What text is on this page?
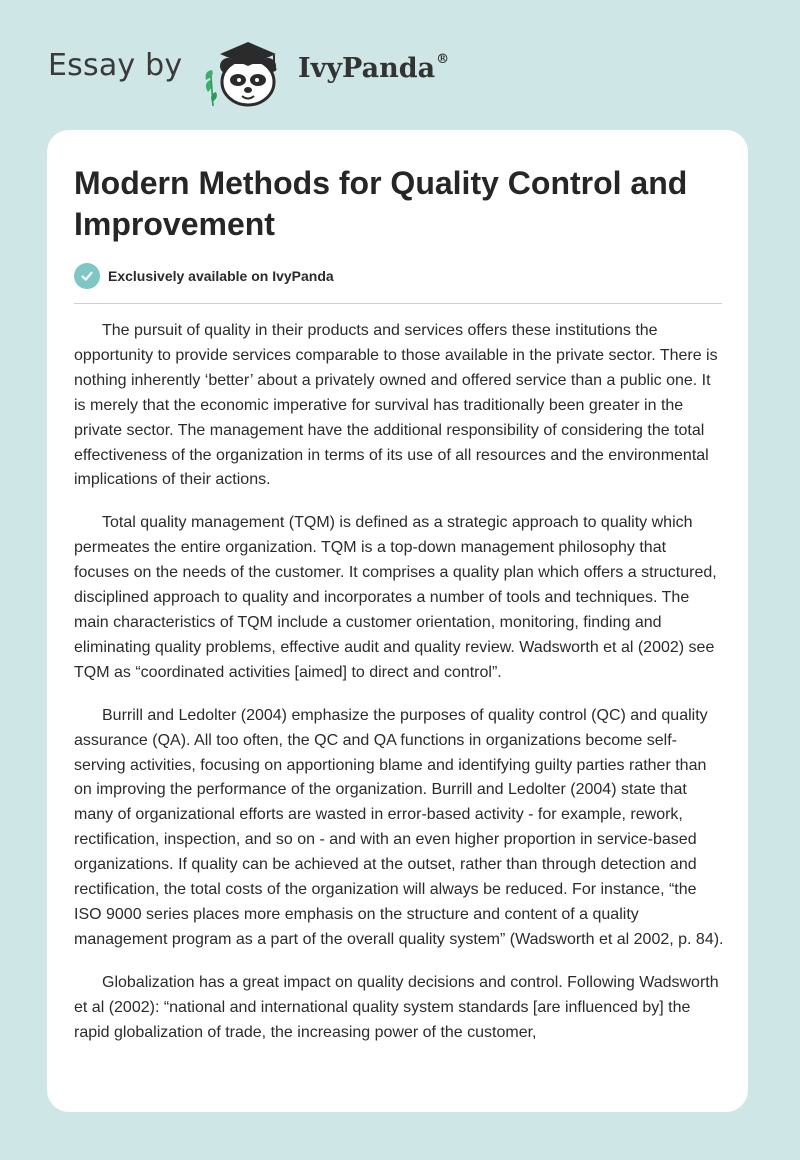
Essay by	IvyPanda®
Modern Methods for Quality Control and Improvement
Exclusively available on IvyPanda

The pursuit of quality in their products and services offers these institutions the opportunity to provide services comparable to those available in the private sector. There is nothing inherently ‘better’ about a privately owned and offered service than a public one. It is merely that the economic imperative for survival has traditionally been greater in the private sector. The management have the additional responsibility of considering the total effectiveness of the organization in terms of its use of all resources and the environmental implications of their actions.

Total quality management (TQM) is defined as a strategic approach to quality which permeates the entire organization. TQM is a top-down management philosophy that focuses on the needs of the customer. It comprises a quality plan which offers a structured, disciplined approach to quality and incorporates a number of tools and techniques. The main characteristics of TQM include a customer orientation, monitoring, finding and eliminating quality problems, effective audit and quality review. Wadsworth et al (2002) see TQM as “coordinated activities [aimed] to direct and control”.

Burrill and Ledolter (2004) emphasize the purposes of quality control (QC) and quality assurance (QA). All too often, the QC and QA functions in organizations become self-serving activities, focusing on apportioning blame and identifying guilty parties rather than on improving the performance of the organization. Burrill and Ledolter (2004) state that many of organizational efforts are wasted in error-based activity - for example, rework, rectification, inspection, and so on - and with an even higher proportion in service-based organizations. If quality can be achieved at the outset, rather than through detection and rectification, the total costs of the organization will always be reduced. For instance, “the ISO 9000 series places more emphasis on the structure and content of a quality management program as a part of the overall quality system” (Wadsworth et al 2002, p. 84).

Globalization has a great impact on quality decisions and control. Following Wadsworth et al (2002): “national and international quality system standards [are influenced by] the rapid globalization of trade, the increasing power of the customer,
